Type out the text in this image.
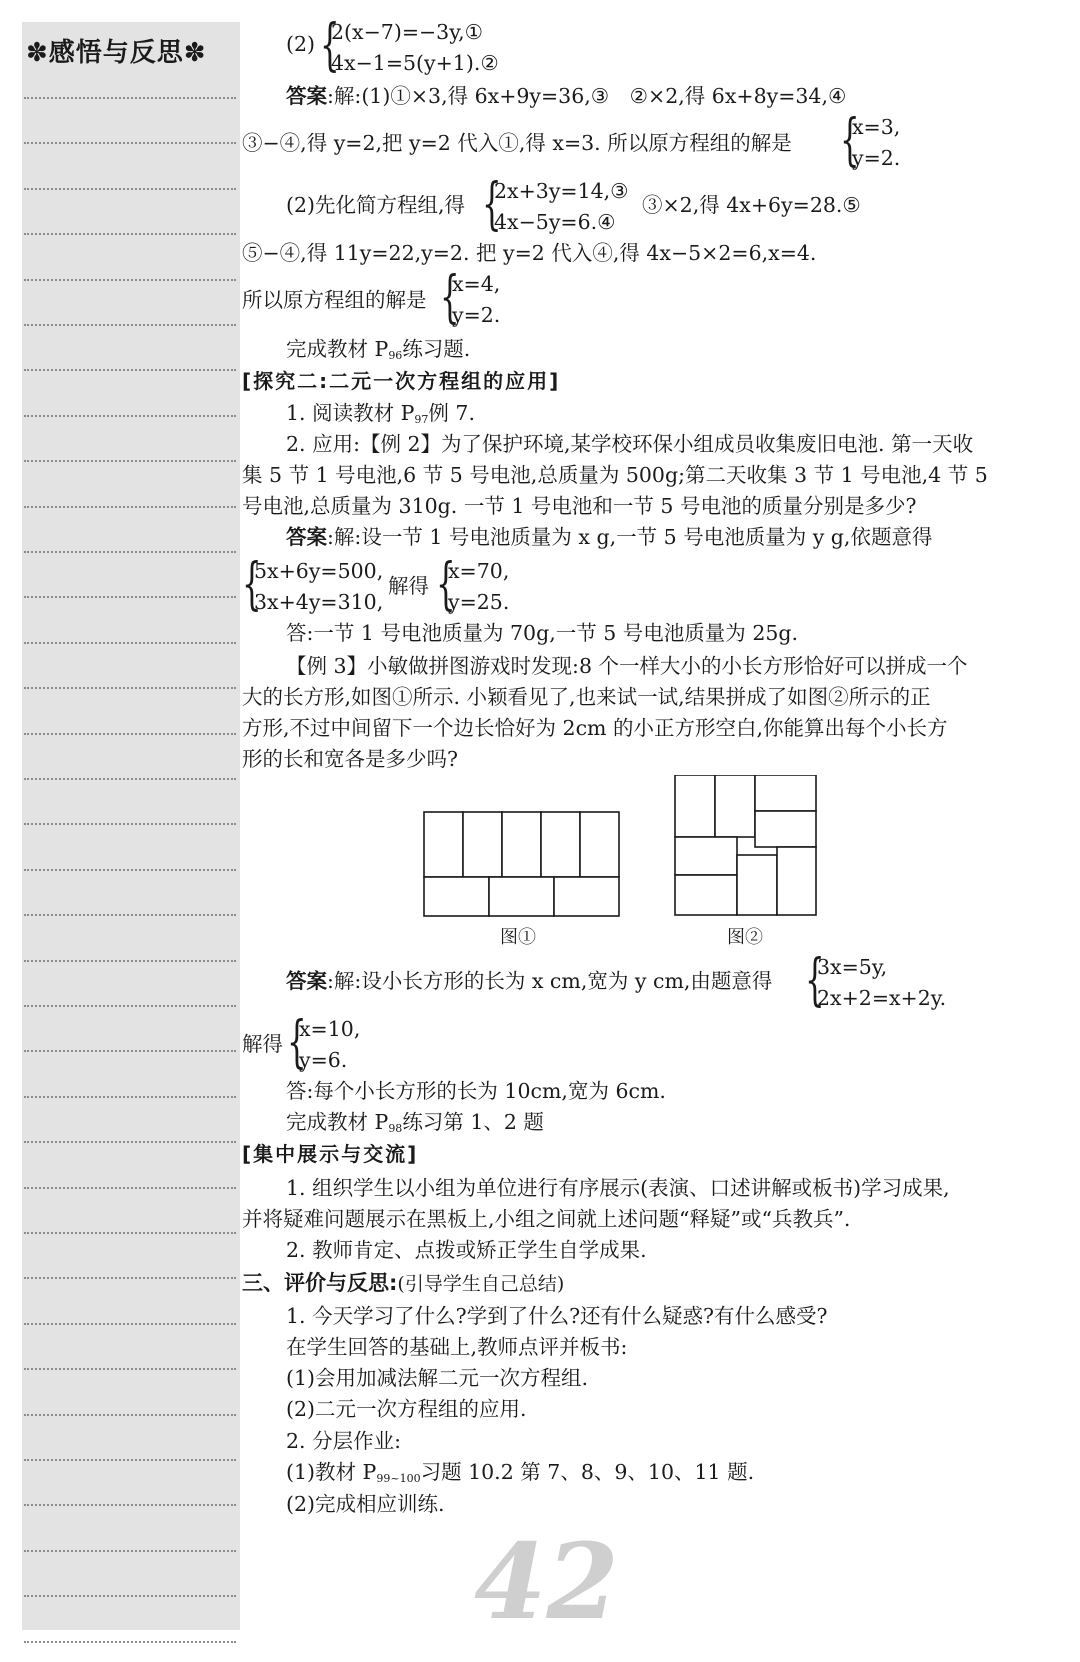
✽感悟与反思✽	(2) {
2(x−7)=−3y,①
4x−1=5(y+1).②
答案:解:(1)①×3,得 6x+9y=36,③　②×2,得 6x+8y=34,④
③−④,得 y=2,把 y=2 代入①,得 x=3. 所以原方程组的解是 {
x=3,
y=2.
(2)先化简方程组,得 {
2x+3y=14,③
4x−5y=6.④
③×2,得 4x+6y=28.⑤
⑤−④,得 11y=22,y=2. 把 y=2 代入④,得 4x−5×2=6,x=4.
所以原方程组的解是 {
x=4,
y=2.
完成教材 $P_{96}$练习题.
[探究二:二元一次方程组的应用]
1. 阅读教材 $P_{97}$例 7.
2. 应用:【例 2】为了保护环境,某学校环保小组成员收集废旧电池. 第一天收
集 5 节 1 号电池,6 节 5 号电池,总质量为 500g;第二天收集 3 节 1 号电池,4 节 5
号电池,总质量为 310g. 一节 1 号电池和一节 5 号电池的质量分别是多少?
答案:解:设一节 1 号电池质量为 x g,一节 5 号电池质量为 y g,依题意得
{
5x+6y=500,
3x+4y=310,
解得 {
x=70,
y=25.
答:一节 1 号电池质量为 70g,一节 5 号电池质量为 25g.
【例 3】小敏做拼图游戏时发现:8 个一样大小的小长方形恰好可以拼成一个
大的长方形,如图①所示. 小颖看见了,也来试一试,结果拼成了如图②所示的正
方形,不过中间留下一个边长恰好为 2cm 的小正方形空白,你能算出每个小长方
形的长和宽各是多少吗?
图①	图②
答案:解:设小长方形的长为 x cm,宽为 y cm,由题意得 {
3x=5y,
2x+2=x+2y.
解得 {
x=10,
y=6.
答:每个小长方形的长为 10cm,宽为 6cm.
完成教材 $P_{98}$练习第 1、2 题
[集中展示与交流]
1. 组织学生以小组为单位进行有序展示(表演、口述讲解或板书)学习成果,
并将疑难问题展示在黑板上,小组之间就上述问题“释疑”或“兵教兵”.
2. 教师肯定、点拨或矫正学生自学成果.
三、评价与反思:(引导学生自己总结)
1. 今天学习了什么?学到了什么?还有什么疑惑?有什么感受?
在学生回答的基础上,教师点评并板书:
(1)会用加减法解二元一次方程组.
(2)二元一次方程组的应用.
2. 分层作业:
(1)教材 $P_{99\sim 100}$习题 10.2 第 7、8、9、10、11 题.
(2)完成相应训练.
42
